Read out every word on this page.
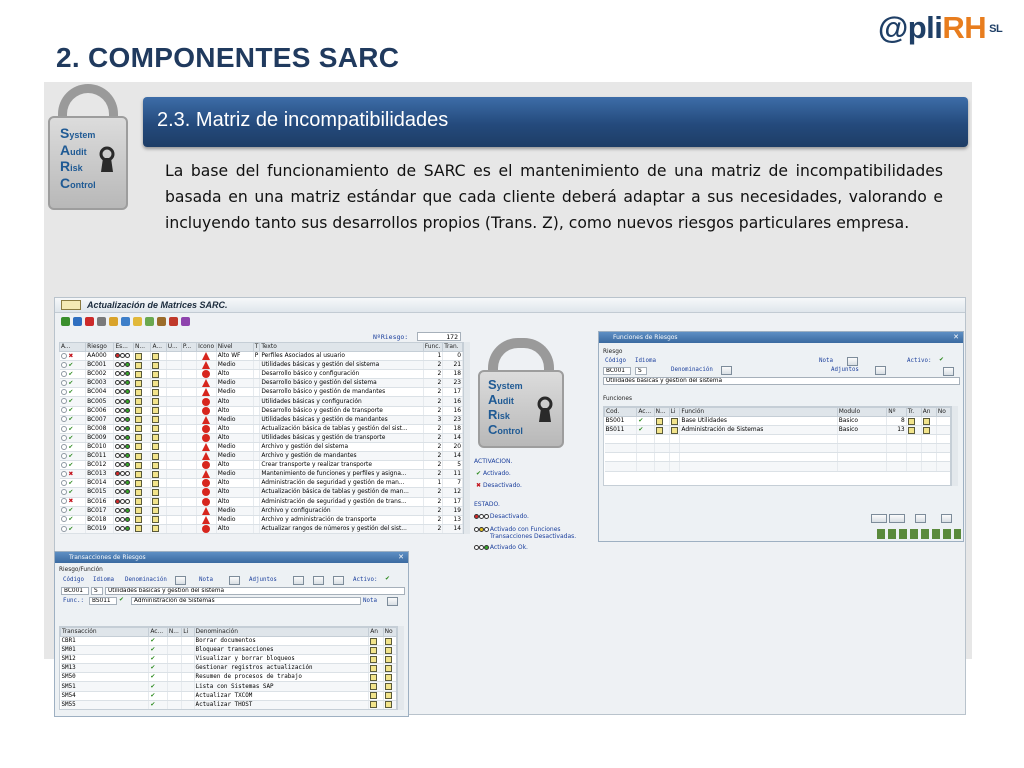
@pliRH SL
2. COMPONENTES SARC
System
Audit
Risk
Control
2.3. Matriz de incompatibilidades
La base del funcionamiento de SARC es el mantenimiento de una matriz de incompatibilidades basada en una matriz estándar que cada cliente deberá adaptar a sus necesidades, valorando e incluyendo tanto sus desarrollos propios (Trans. Z), como nuevos riesgos particulares empresa.
Actualización de Matrices SARC.
NºRiesgo:	172
A...	Riesgo	Es...	N...	A...	U...	P...	Icono	Nivel	T	Texto	Func.	Tran.
✖	AA000							Alto WF	P	Perfiles Asociados al usuario	1	0
✔	BC001							Medio		Utilidades básicas y gestión del sistema	2	21
✔	BC002							Alto		Desarrollo básico y configuración	2	18
✔	BC003							Medio		Desarrollo básico y gestión del sistema	2	23
✔	BC004							Medio		Desarrollo básico y gestión de mandantes	2	17
✔	BC005							Alto		Utilidades básicas y configuración	2	16
✔	BC006							Alto		Desarrollo básico y gestión de transporte	2	16
✔	BC007							Medio		Utilidades básicas y gestión de mandantes	3	23
✔	BC008							Alto		Actualización básica de tablas y gestión del sist...	2	18
✔	BC009							Alto		Utilidades básicas y gestión de transporte	2	14
✔	BC010							Medio		Archivo y gestión del sistema	2	20
✔	BC011							Medio		Archivo y gestión de mandantes	2	14
✔	BC012							Alto		Crear transporte y realizar transporte	2	5
✖	BC013							Medio		Mantenimiento de funciones y perfiles y asigna...	2	11
✔	BC014							Alto		Administración de seguridad y gestión de man...	1	7
✔	BC015							Alto		Actualización básica de tablas y gestión de man...	2	12
✖	BC016							Alto		Administración de seguridad y gestión de trans...	2	17
✔	BC017							Medio		Archivo y configuración	2	19
✔	BC018							Medio		Archivo y administración de transporte	2	13
✔	BC019							Alto		Actualizar rangos de números y gestión del sist...	2	14
System
Audit
Risk
Control
ACTIVACION.
✔ Activado.
✖ Desactivado.
ESTADO.
Desactivado.
Activado con Funciones
Transacciones Desactivadas.
Activado Ok.
Funciones de Riesgos	✕
Riesgo
Código Idioma
BC001	S	Denominación
Nota
Adjuntos
Activo: ✔
Utilidades básicas y gestión del sistema
Funciones
Cod.	Ac...	N...	Li	Función	Modulo	Nº	Tr.	An	No
BS001	✔			Base Utilidades	Basico	8			
BS011	✔			Administración de Sistemas	Basico	13			

Transacciones de Riesgos	✕
Riesgo/Función
Código Idioma Denominación	Nota	Adjuntos	Activo: ✔
BC001	S	Utilidades básicas y gestión del sistema
Func.:	BS011	✔	Administración de Sistemas	Nota
Transacción	Ac...	N...	Li	Denominación	An	No
CBR1	✔			Borrar documentos		
SM01	✔			Bloquear transacciones		
SM12	✔			Visualizar y borrar bloqueos		
SM13	✔			Gestionar registros actualización		
SM50	✔			Resumen de procesos de trabajo		
SM51	✔			Lista con Sistemas SAP		
SM54	✔			Actualizar TXCOM		
SM55	✔			Actualizar THOST		
